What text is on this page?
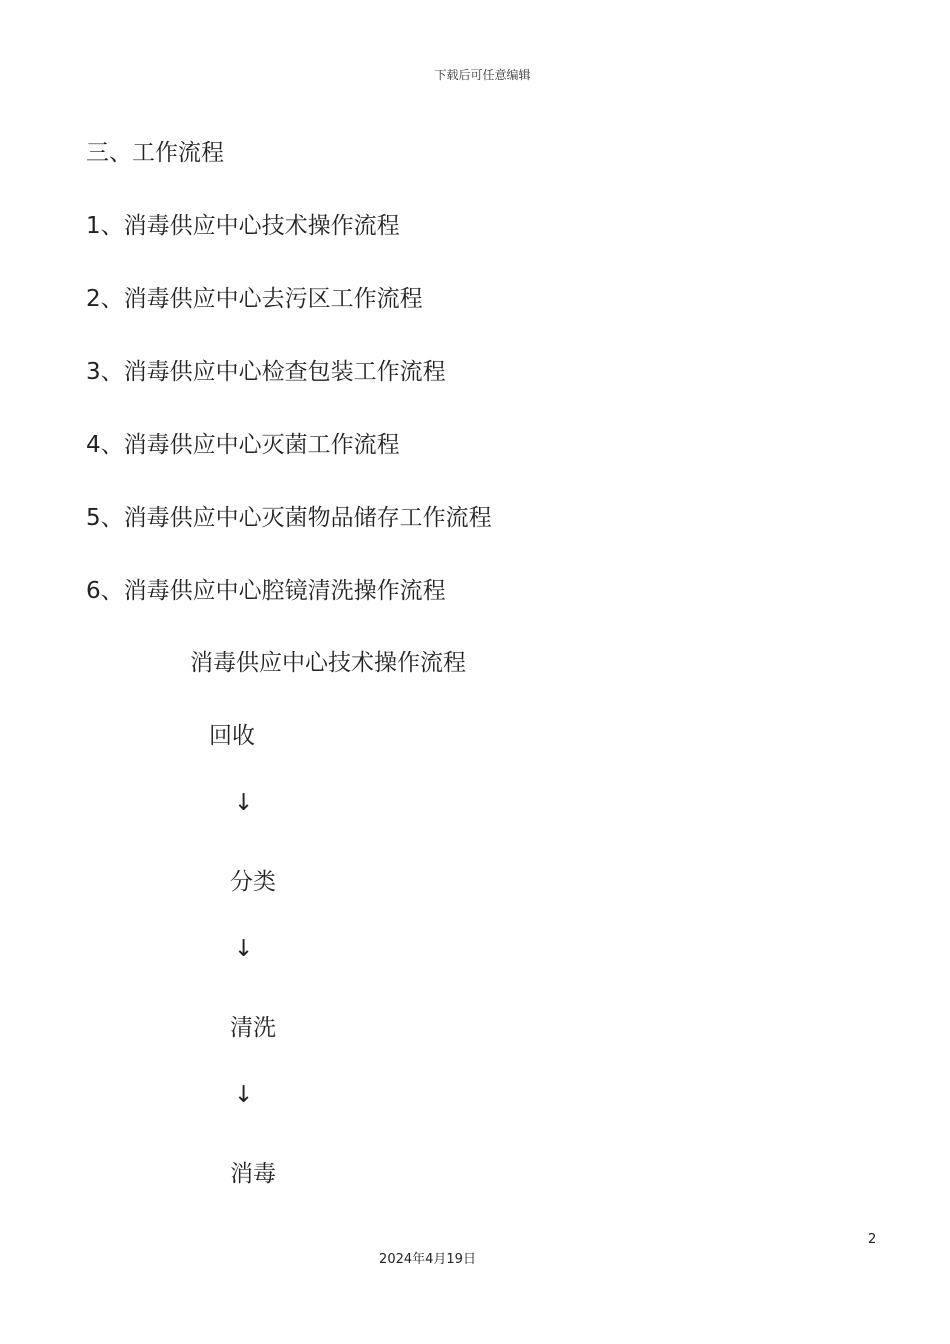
下载后可任意编辑
三、工作流程
1、消毒供应中心技术操作流程
2、消毒供应中心去污区工作流程
3、消毒供应中心检查包装工作流程
4、消毒供应中心灭菌工作流程
5、消毒供应中心灭菌物品储存工作流程
6、消毒供应中心腔镜清洗操作流程
消毒供应中心技术操作流程
回收
↓
分类
↓
清洗
↓
消毒
2
2024年4月19日
